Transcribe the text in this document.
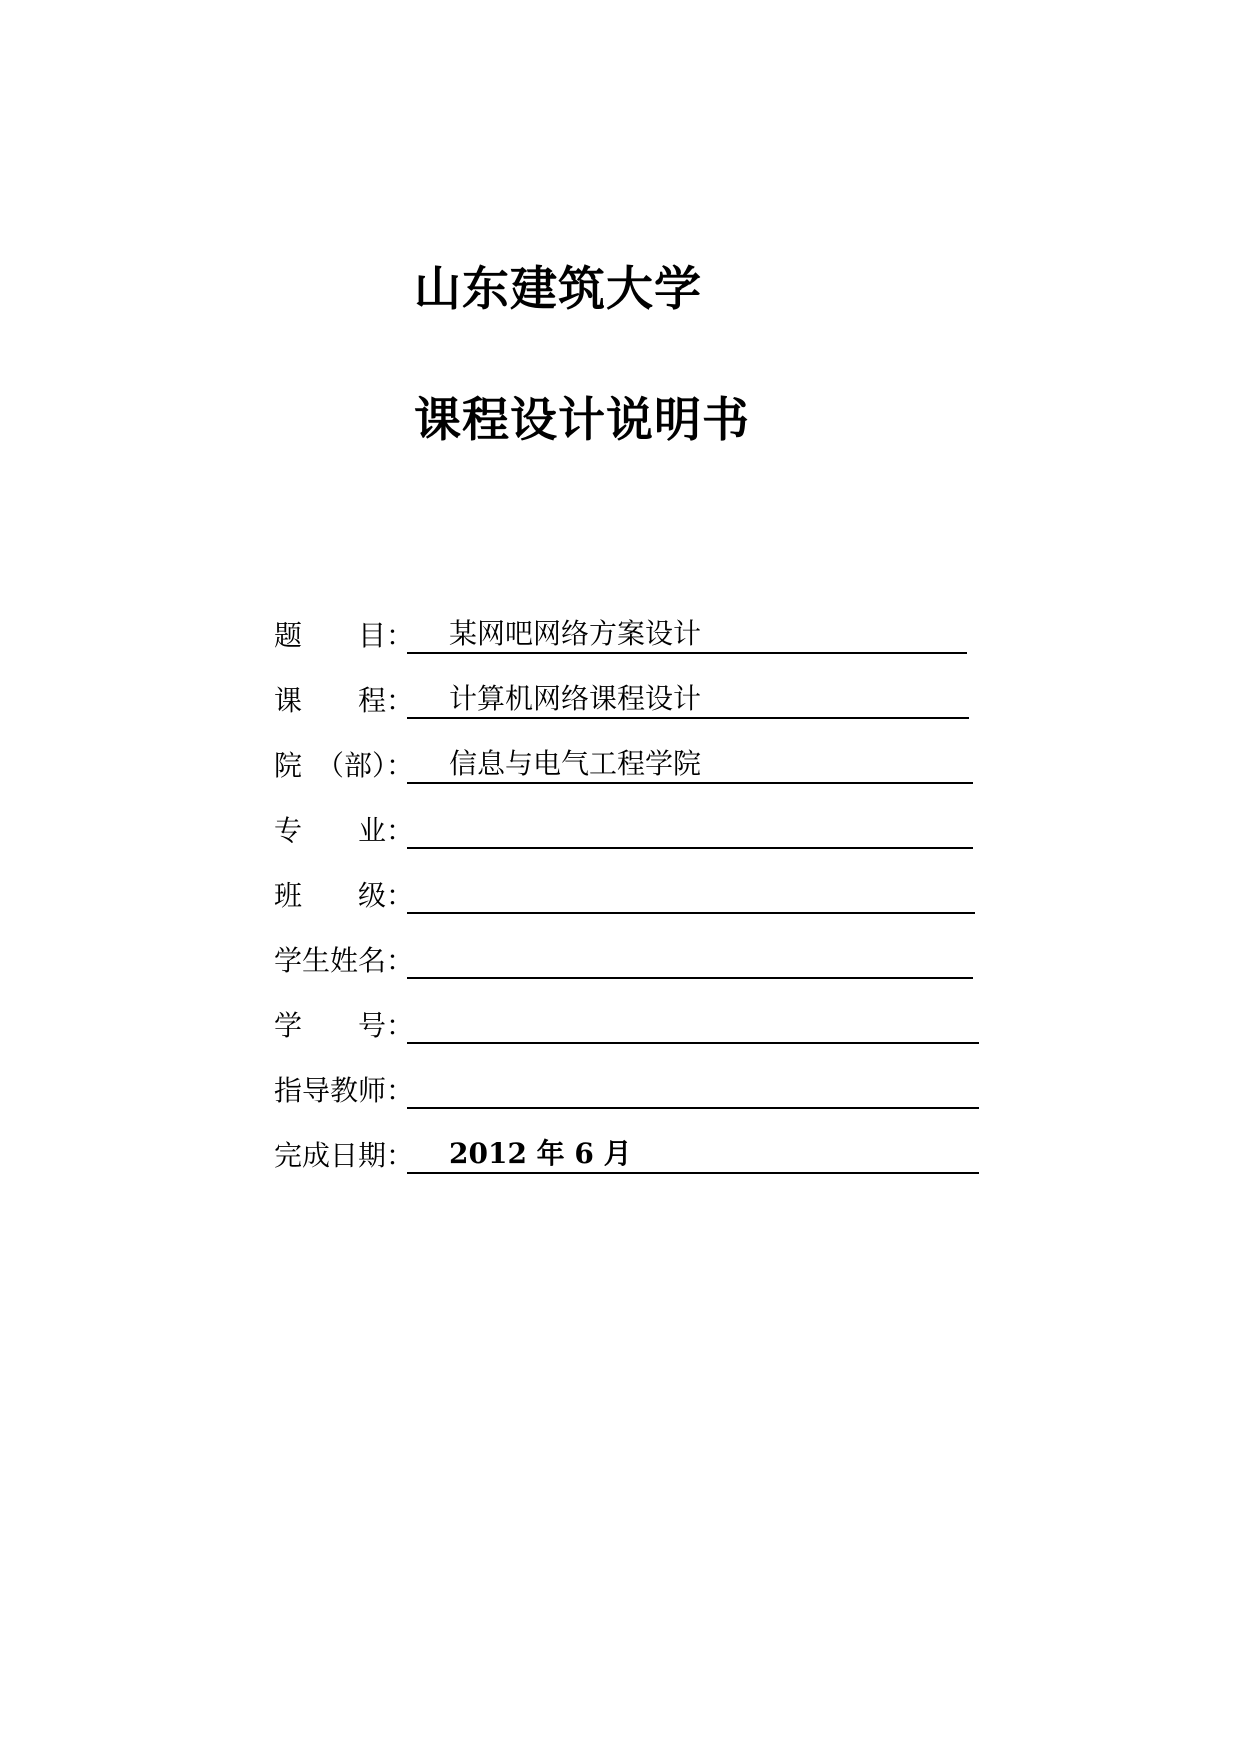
山东建筑大学
课程设计说明书
题　　目： 某网吧网络方案设计
课　　程： 计算机网络课程设计
院　（部）： 信息与电气工程学院
专　　业：
班　　级：
学生姓名：
学　　号：
指导教师：
完成日期： 2012 年 6 月
